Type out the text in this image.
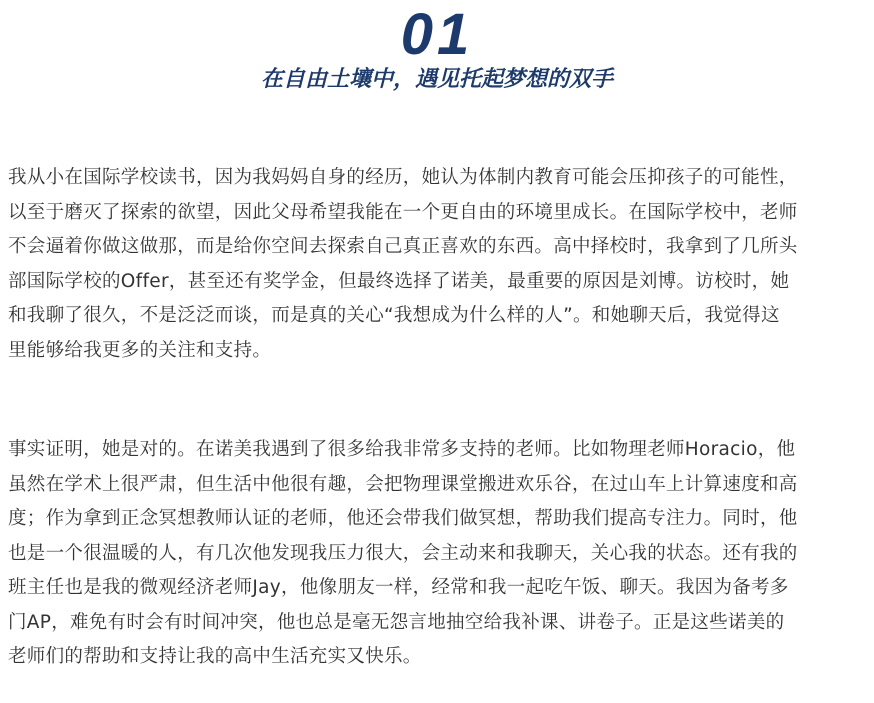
01
在自由土壤中，遇见托起梦想的双手
我从小在国际学校读书，因为我妈妈自身的经历，她认为体制内教育可能会压抑孩子的可能性，
以至于磨灭了探索的欲望，因此父母希望我能在一个更自由的环境里成长。在国际学校中，老师
不会逼着你做这做那，而是给你空间去探索自己真正喜欢的东西。高中择校时，我拿到了几所头
部国际学校的Offer，甚至还有奖学金，但最终选择了诺美，最重要的原因是刘博。访校时，她
和我聊了很久，不是泛泛而谈，而是真的关心“我想成为什么样的人”。和她聊天后，我觉得这
里能够给我更多的关注和支持。
事实证明，她是对的。在诺美我遇到了很多给我非常多支持的老师。比如物理老师Horacio，他
虽然在学术上很严肃，但生活中他很有趣，会把物理课堂搬进欢乐谷，在过山车上计算速度和高
度；作为拿到正念冥想教师认证的老师，他还会带我们做冥想，帮助我们提高专注力。同时，他
也是一个很温暖的人，有几次他发现我压力很大，会主动来和我聊天，关心我的状态。还有我的
班主任也是我的微观经济老师Jay，他像朋友一样，经常和我一起吃午饭、聊天。我因为备考多
门AP，难免有时会有时间冲突，他也总是毫无怨言地抽空给我补课、讲卷子。正是这些诺美的
老师们的帮助和支持让我的高中生活充实又快乐。
